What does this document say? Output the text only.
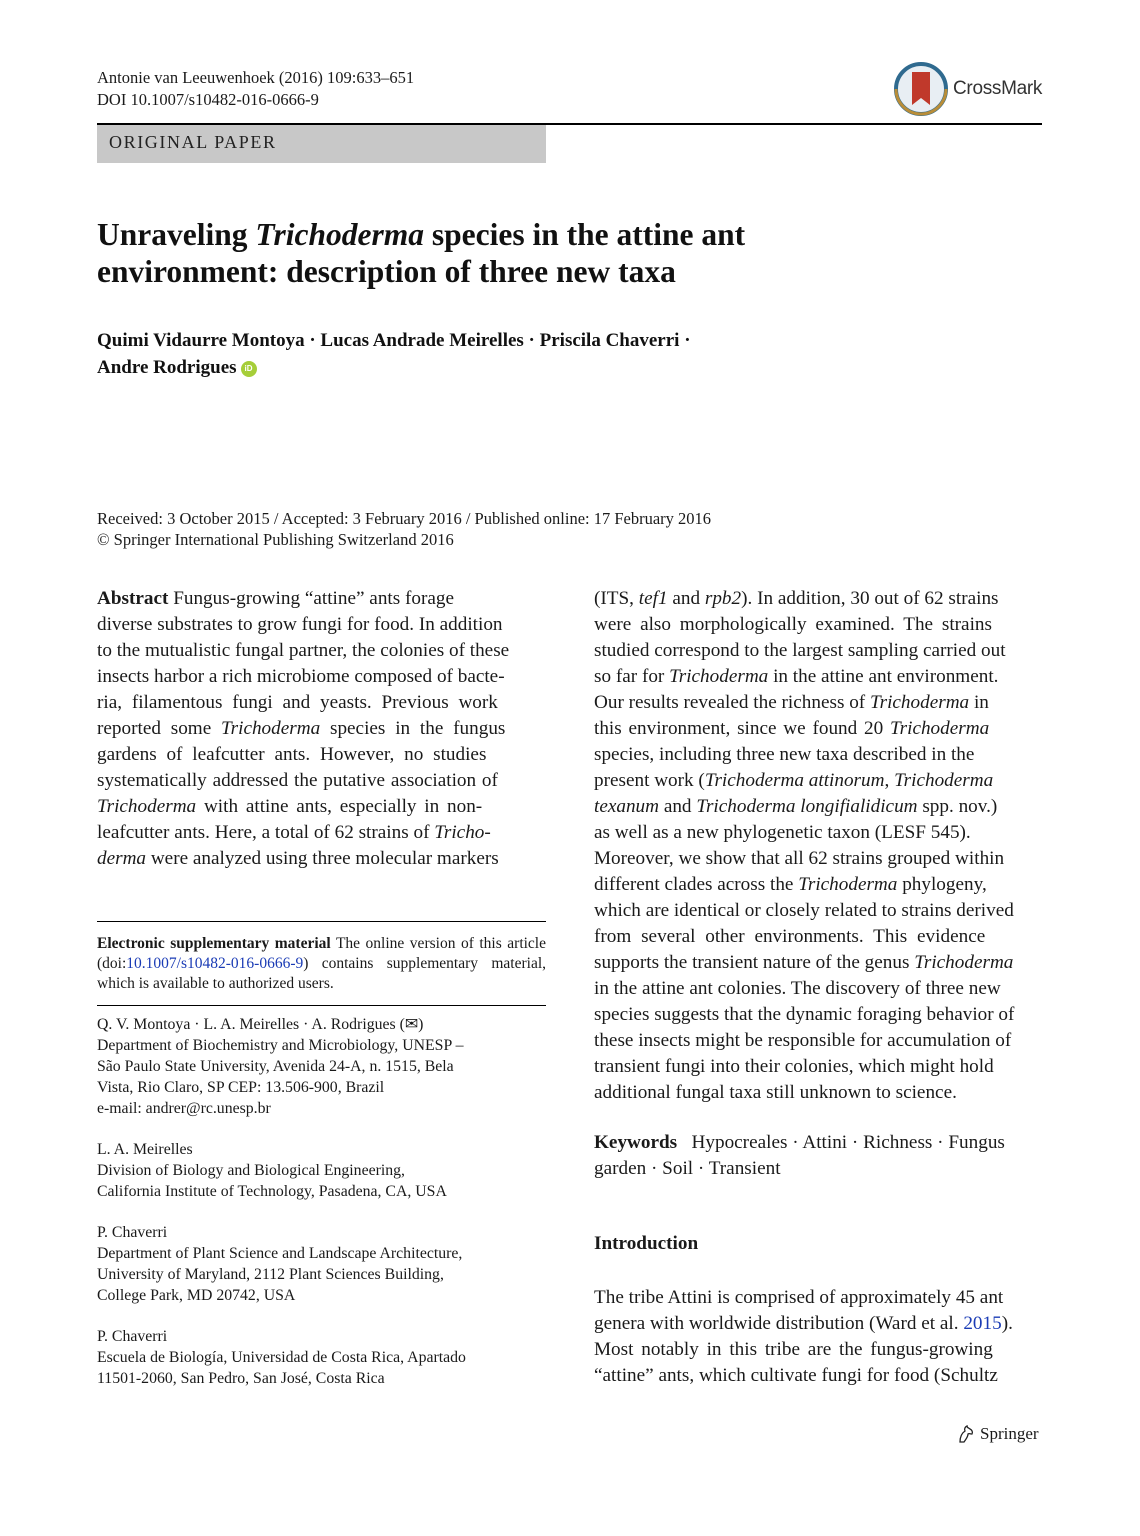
Antonie van Leeuwenhoek (2016) 109:633–651
DOI 10.1007/s10482-016-0666-9
CrossMark
ORIGINAL PAPER
Unraveling Trichoderma species in the attine ant
environment: description of three new taxa
Quimi Vidaurre Montoya · Lucas Andrade Meirelles · Priscila Chaverri ·
Andre Rodrigues iD
Received: 3 October 2015 / Accepted: 3 February 2016 / Published online: 17 February 2016
© Springer International Publishing Switzerland 2016
Abstract Fungus-growing “attine” ants forage
diverse substrates to grow fungi for food. In addition
to the mutualistic fungal partner, the colonies of these
insects harbor a rich microbiome composed of bacte-
ria, filamentous fungi and yeasts. Previous work
reported some Trichoderma species in the fungus
gardens of leafcutter ants. However, no studies
systematically addressed the putative association of
Trichoderma with attine ants, especially in non-
leafcutter ants. Here, a total of 62 strains of Tricho-
derma were analyzed using three molecular markers
Electronic supplementary material The online version of this article (doi:10.1007/s10482-016-0666-9) contains supplementary material, which is available to authorized users.
Q. V. Montoya · L. A. Meirelles · A. Rodrigues (✉)
Department of Biochemistry and Microbiology, UNESP –
São Paulo State University, Avenida 24-A, n. 1515, Bela
Vista, Rio Claro, SP CEP: 13.506-900, Brazil
e-mail: andrer@rc.unesp.br
L. A. Meirelles
Division of Biology and Biological Engineering,
California Institute of Technology, Pasadena, CA, USA
P. Chaverri
Department of Plant Science and Landscape Architecture,
University of Maryland, 2112 Plant Sciences Building,
College Park, MD 20742, USA
P. Chaverri
Escuela de Biología, Universidad de Costa Rica, Apartado
11501-2060, San Pedro, San José, Costa Rica
(ITS, tef1 and rpb2). In addition, 30 out of 62 strains
were also morphologically examined. The strains
studied correspond to the largest sampling carried out
so far for Trichoderma in the attine ant environment.
Our results revealed the richness of Trichoderma in
this environment, since we found 20 Trichoderma
species, including three new taxa described in the
present work (Trichoderma attinorum, Trichoderma
texanum and Trichoderma longifialidicum spp. nov.)
as well as a new phylogenetic taxon (LESF 545).
Moreover, we show that all 62 strains grouped within
different clades across the Trichoderma phylogeny,
which are identical or closely related to strains derived
from several other environments. This evidence
supports the transient nature of the genus Trichoderma
in the attine ant colonies. The discovery of three new
species suggests that the dynamic foraging behavior of
these insects might be responsible for accumulation of
transient fungi into their colonies, which might hold
additional fungal taxa still unknown to science.
Keywords   Hypocreales · Attini · Richness · Fungus
garden · Soil · Transient
Introduction
The tribe Attini is comprised of approximately 45 ant
genera with worldwide distribution (Ward et al. 2015).
Most notably in this tribe are the fungus-growing
“attine” ants, which cultivate fungi for food (Schultz
Springer
